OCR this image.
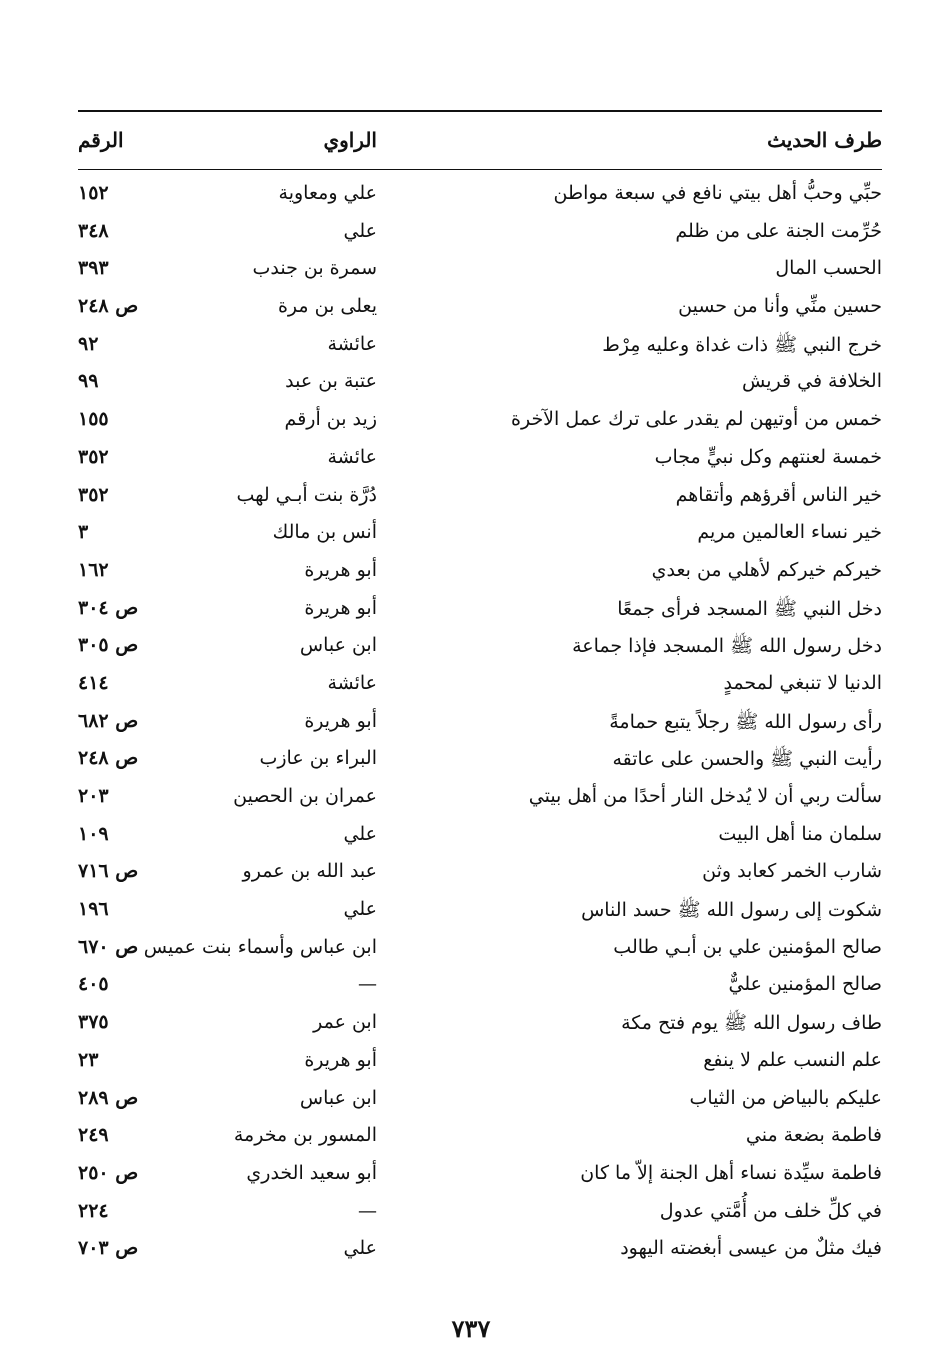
طرف الحديث
الراوي
الرقم
حبِّي وحبُّ أهل بيتي نافع في سبعة مواطن
علي ومعاوية
١٥٢
حُرِّمت الجنة على من ظلم
علي
٣٤٨
الحسب المال
سمرة بن جندب
٣٩٣
حسين منِّي وأنا من حسين
يعلى بن مرة
ص ٢٤٨
خرج النبي ﷺ ذات غداة وعليه مِرْط
عائشة
٩٢
الخلافة في قريش
عتبة بن عبد
٩٩
خمس من أوتيهن لم يقدر على ترك عمل الآخرة
زيد بن أرقم
١٥٥
خمسة لعنتهم وكل نبيٍّ مجاب
عائشة
٣٥٢
خير الناس أقرؤهم وأتقاهم
دُرَّة بنت أبـي لهب
٣٥٢
خير نساء العالمين مريم
أنس بن مالك
٣
خيركم خيركم لأهلي من بعدي
أبو هريرة
١٦٢
دخل النبي ﷺ المسجد فرأى جمعًا
أبو هريرة
ص ٣٠٤
دخل رسول الله ﷺ المسجد فإذا جماعة
ابن عباس
ص ٣٠٥
الدنيا لا تنبغي لمحمدٍ
عائشة
٤١٤
رأى رسول الله ﷺ رجلاً يتبع حمامةً
أبو هريرة
ص ٦٨٢
رأيت النبي ﷺ والحسن على عاتقه
البراء بن عازب
ص ٢٤٨
سألت ربي أن لا يُدخل النار أحدًا من أهل بيتي
عمران بن الحصين
٢٠٣
سلمان منا أهل البيت
علي
١٠٩
شارب الخمر كعابد وثن
عبد الله بن عمرو
ص ٧١٦
شكوت إلى رسول الله ﷺ حسد الناس
علي
١٩٦
صالح المؤمنين علي بن أبـي طالب
ابن عباس وأسماء بنت عميس
ص ٦٧٠
صالح المؤمنين عليٌّ
—
٤٠٥
طاف رسول الله ﷺ يوم فتح مكة
ابن عمر
٣٧٥
علم النسب علم لا ينفع
أبو هريرة
٢٣
عليكم بالبياض من الثياب
ابن عباس
ص ٢٨٩
فاطمة بضعة مني
المسور بن مخرمة
٢٤٩
فاطمة سيِّدة نساء أهل الجنة إلاّ ما كان
أبو سعيد الخدري
ص ٢٥٠
في كلِّ خلف من أُمَّتي عدول
—
٢٢٤
فيك مثلٌ من عيسى أبغضته اليهود
علي
ص ٧٠٣
٧٣٧
